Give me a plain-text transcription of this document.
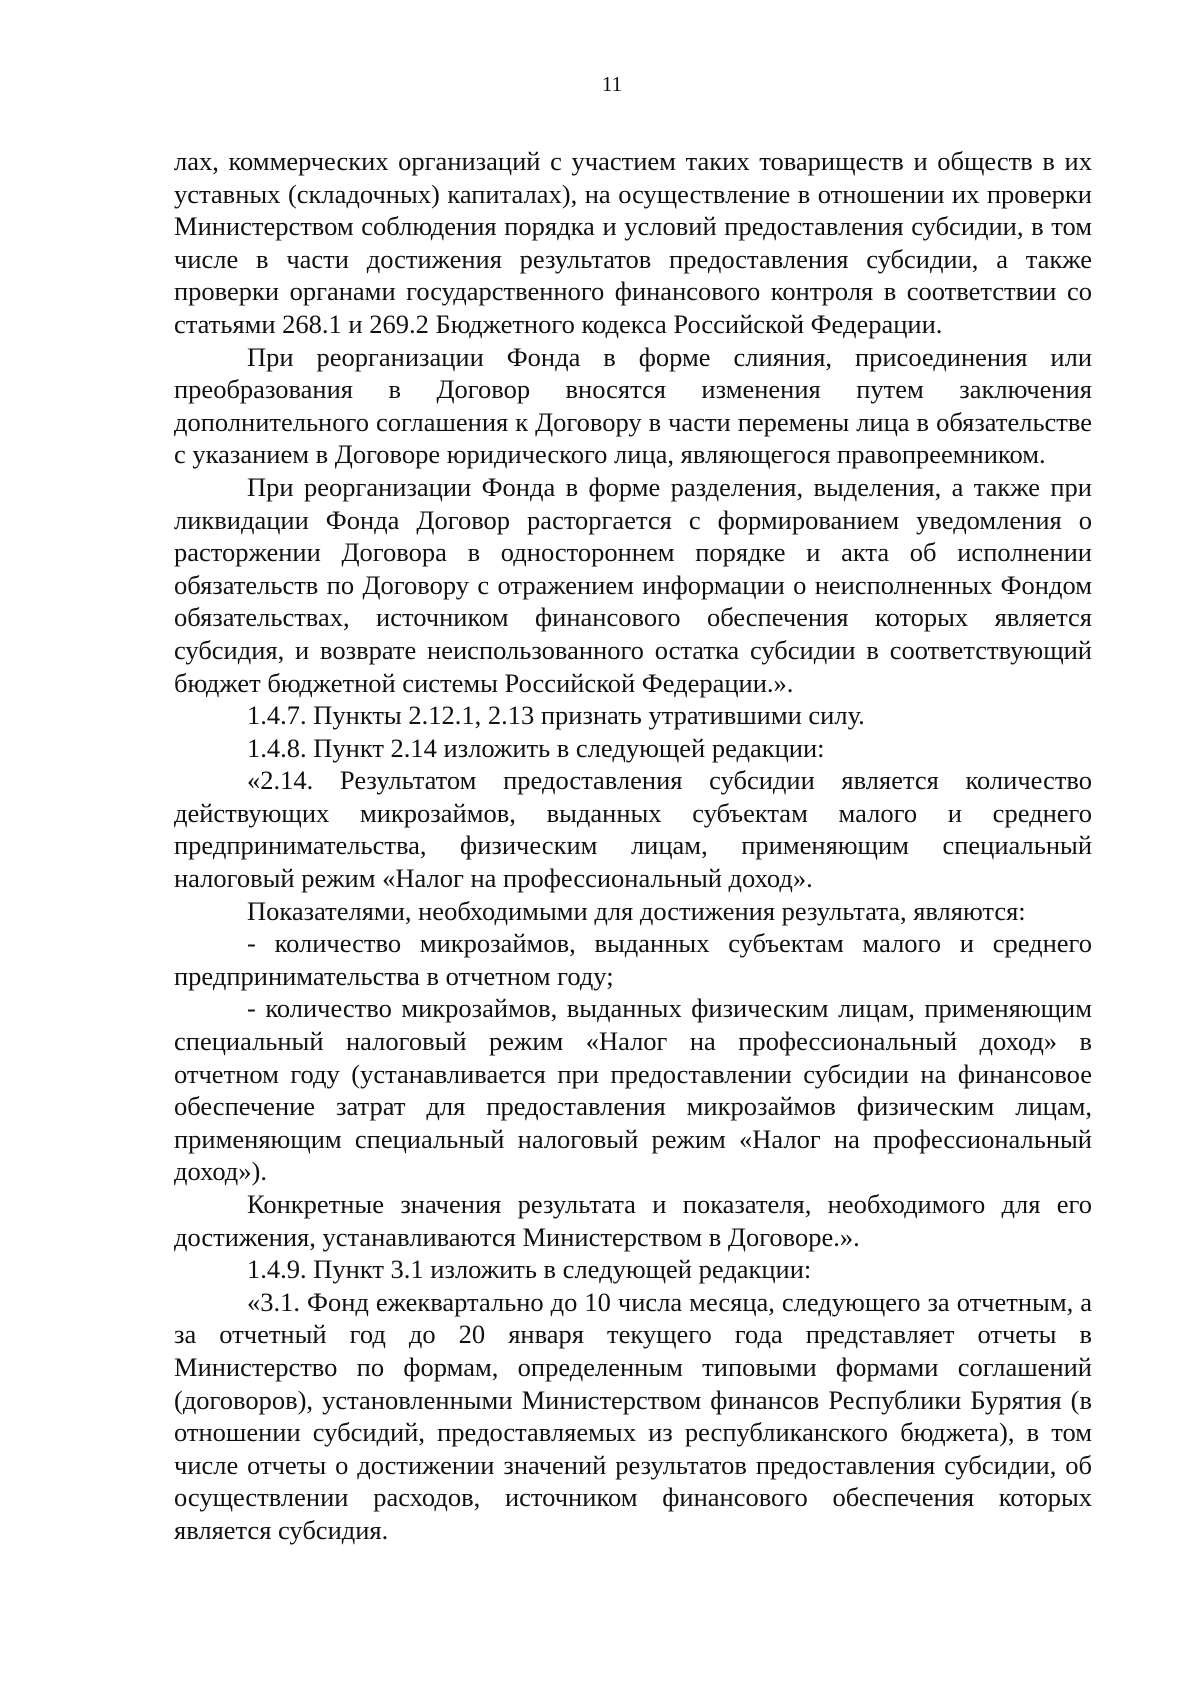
11

лах, коммерческих организаций с участием таких товариществ и обществ в их уставных (складочных) капиталах), на осуществление в отношении их проверки Министерством соблюдения порядка и условий предоставления субсидии, в том числе в части достижения результатов предоставления субсидии, а также проверки органами государственного финансового контроля в соответствии со статьями 268.1 и 269.2 Бюджетного кодекса Российской Федерации.

При реорганизации Фонда в форме слияния, присоединения или преобразования в Договор вносятся изменения путем заключения дополнительного соглашения к Договору в части перемены лица в обязательстве с указанием в Договоре юридического лица, являющегося правопреемником.

При реорганизации Фонда в форме разделения, выделения, а также при ликвидации Фонда Договор расторгается с формированием уведомления о расторжении Договора в одностороннем порядке и акта об исполнении обязательств по Договору с отражением информации о неисполненных Фондом обязательствах, источником финансового обеспечения которых является субсидия, и возврате неиспользованного остатка субсидии в соответствующий бюджет бюджетной системы Российской Федерации.».

1.4.7. Пункты 2.12.1, 2.13 признать утратившими силу.

1.4.8. Пункт 2.14 изложить в следующей редакции:

«2.14. Результатом предоставления субсидии является количество действующих микрозаймов, выданных субъектам малого и среднего предпринимательства, физическим лицам, применяющим специальный налоговый режим «Налог на профессиональный доход».

Показателями, необходимыми для достижения результата, являются:

- количество микрозаймов, выданных субъектам малого и среднего предпринимательства в отчетном году;

- количество микрозаймов, выданных физическим лицам, применяющим специальный налоговый режим «Налог на профессиональный доход» в отчетном году (устанавливается при предоставлении субсидии на финансовое обеспечение затрат для предоставления микрозаймов физическим лицам, применяющим специальный налоговый режим «Налог на профессиональный доход»).

Конкретные значения результата и показателя, необходимого для его достижения, устанавливаются Министерством в Договоре.».

1.4.9. Пункт 3.1 изложить в следующей редакции:

«3.1. Фонд ежеквартально до 10 числа месяца, следующего за отчетным, а за отчетный год до 20 января текущего года представляет отчеты в Министерство по формам, определенным типовыми формами соглашений (договоров), установленными Министерством финансов Республики Бурятия (в отношении субсидий, предоставляемых из республиканского бюджета), в том числе отчеты о достижении значений результатов предоставления субсидии, об осуществлении расходов, источником финансового обеспечения которых является субсидия.
